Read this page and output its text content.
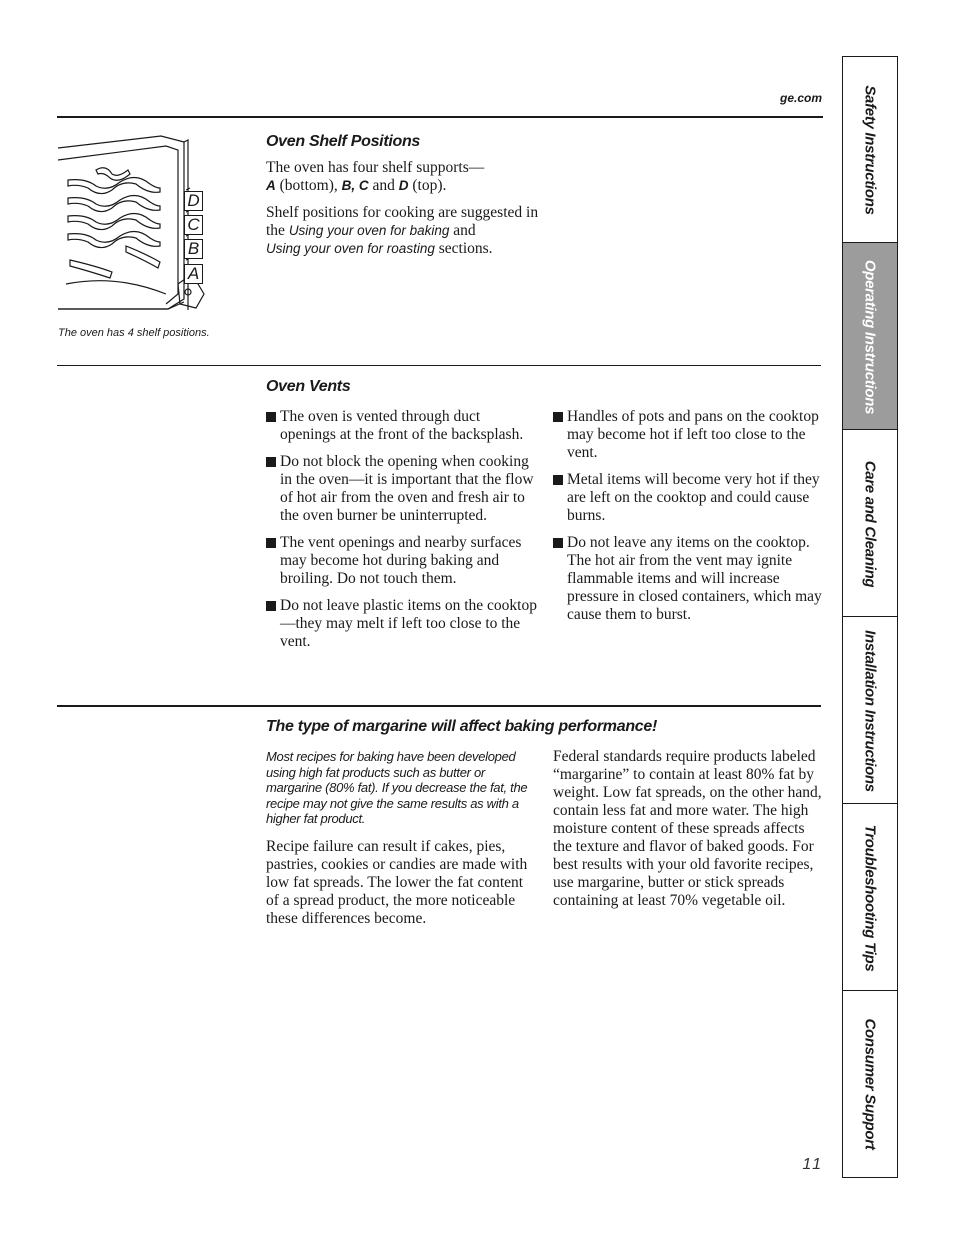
ge.com
D
C
B
A
The oven has 4 shelf positions.
Oven Shelf Positions

The oven has four shelf supports—
A (bottom), B, C and D (top).

Shelf positions for cooking are suggested in the Using your oven for baking and
Using your oven for roasting sections.

Oven Vents
The oven is vented through duct openings at the front of the backsplash.
Do not block the opening when cooking in the oven—it is important that the flow of hot air from the oven and fresh air to the oven burner be uninterrupted.
The vent openings and nearby surfaces may become hot during baking and broiling. Do not touch them.
Do not leave plastic items on the cooktop—they may melt if left too close to the vent.
Handles of pots and pans on the cooktop may become hot if left too close to the vent.
Metal items will become very hot if they are left on the cooktop and could cause burns.
Do not leave any items on the cooktop. The hot air from the vent may ignite flammable items and will increase pressure in closed containers, which may cause them to burst.
The type of margarine will affect baking performance!

Most recipes for baking have been developed using high fat products such as butter or margarine (80% fat). If you decrease the fat, the recipe may not give the same results as with a higher fat product.

Recipe failure can result if cakes, pies, pastries, cookies or candies are made with low fat spreads. The lower the fat content of a spread product, the more noticeable these differences become.

Federal standards require products labeled “margarine” to contain at least 80% fat by weight. Low fat spreads, on the other hand, contain less fat and more water. The high moisture content of these spreads affects the texture and flavor of baked goods. For best results with your old favorite recipes, use margarine, butter or stick spreads containing at least 70% vegetable oil.

11
Safety Instructions
Operating Instructions
Care and Cleaning
Installation Instructions
Troubleshooting Tips
Consumer Support
